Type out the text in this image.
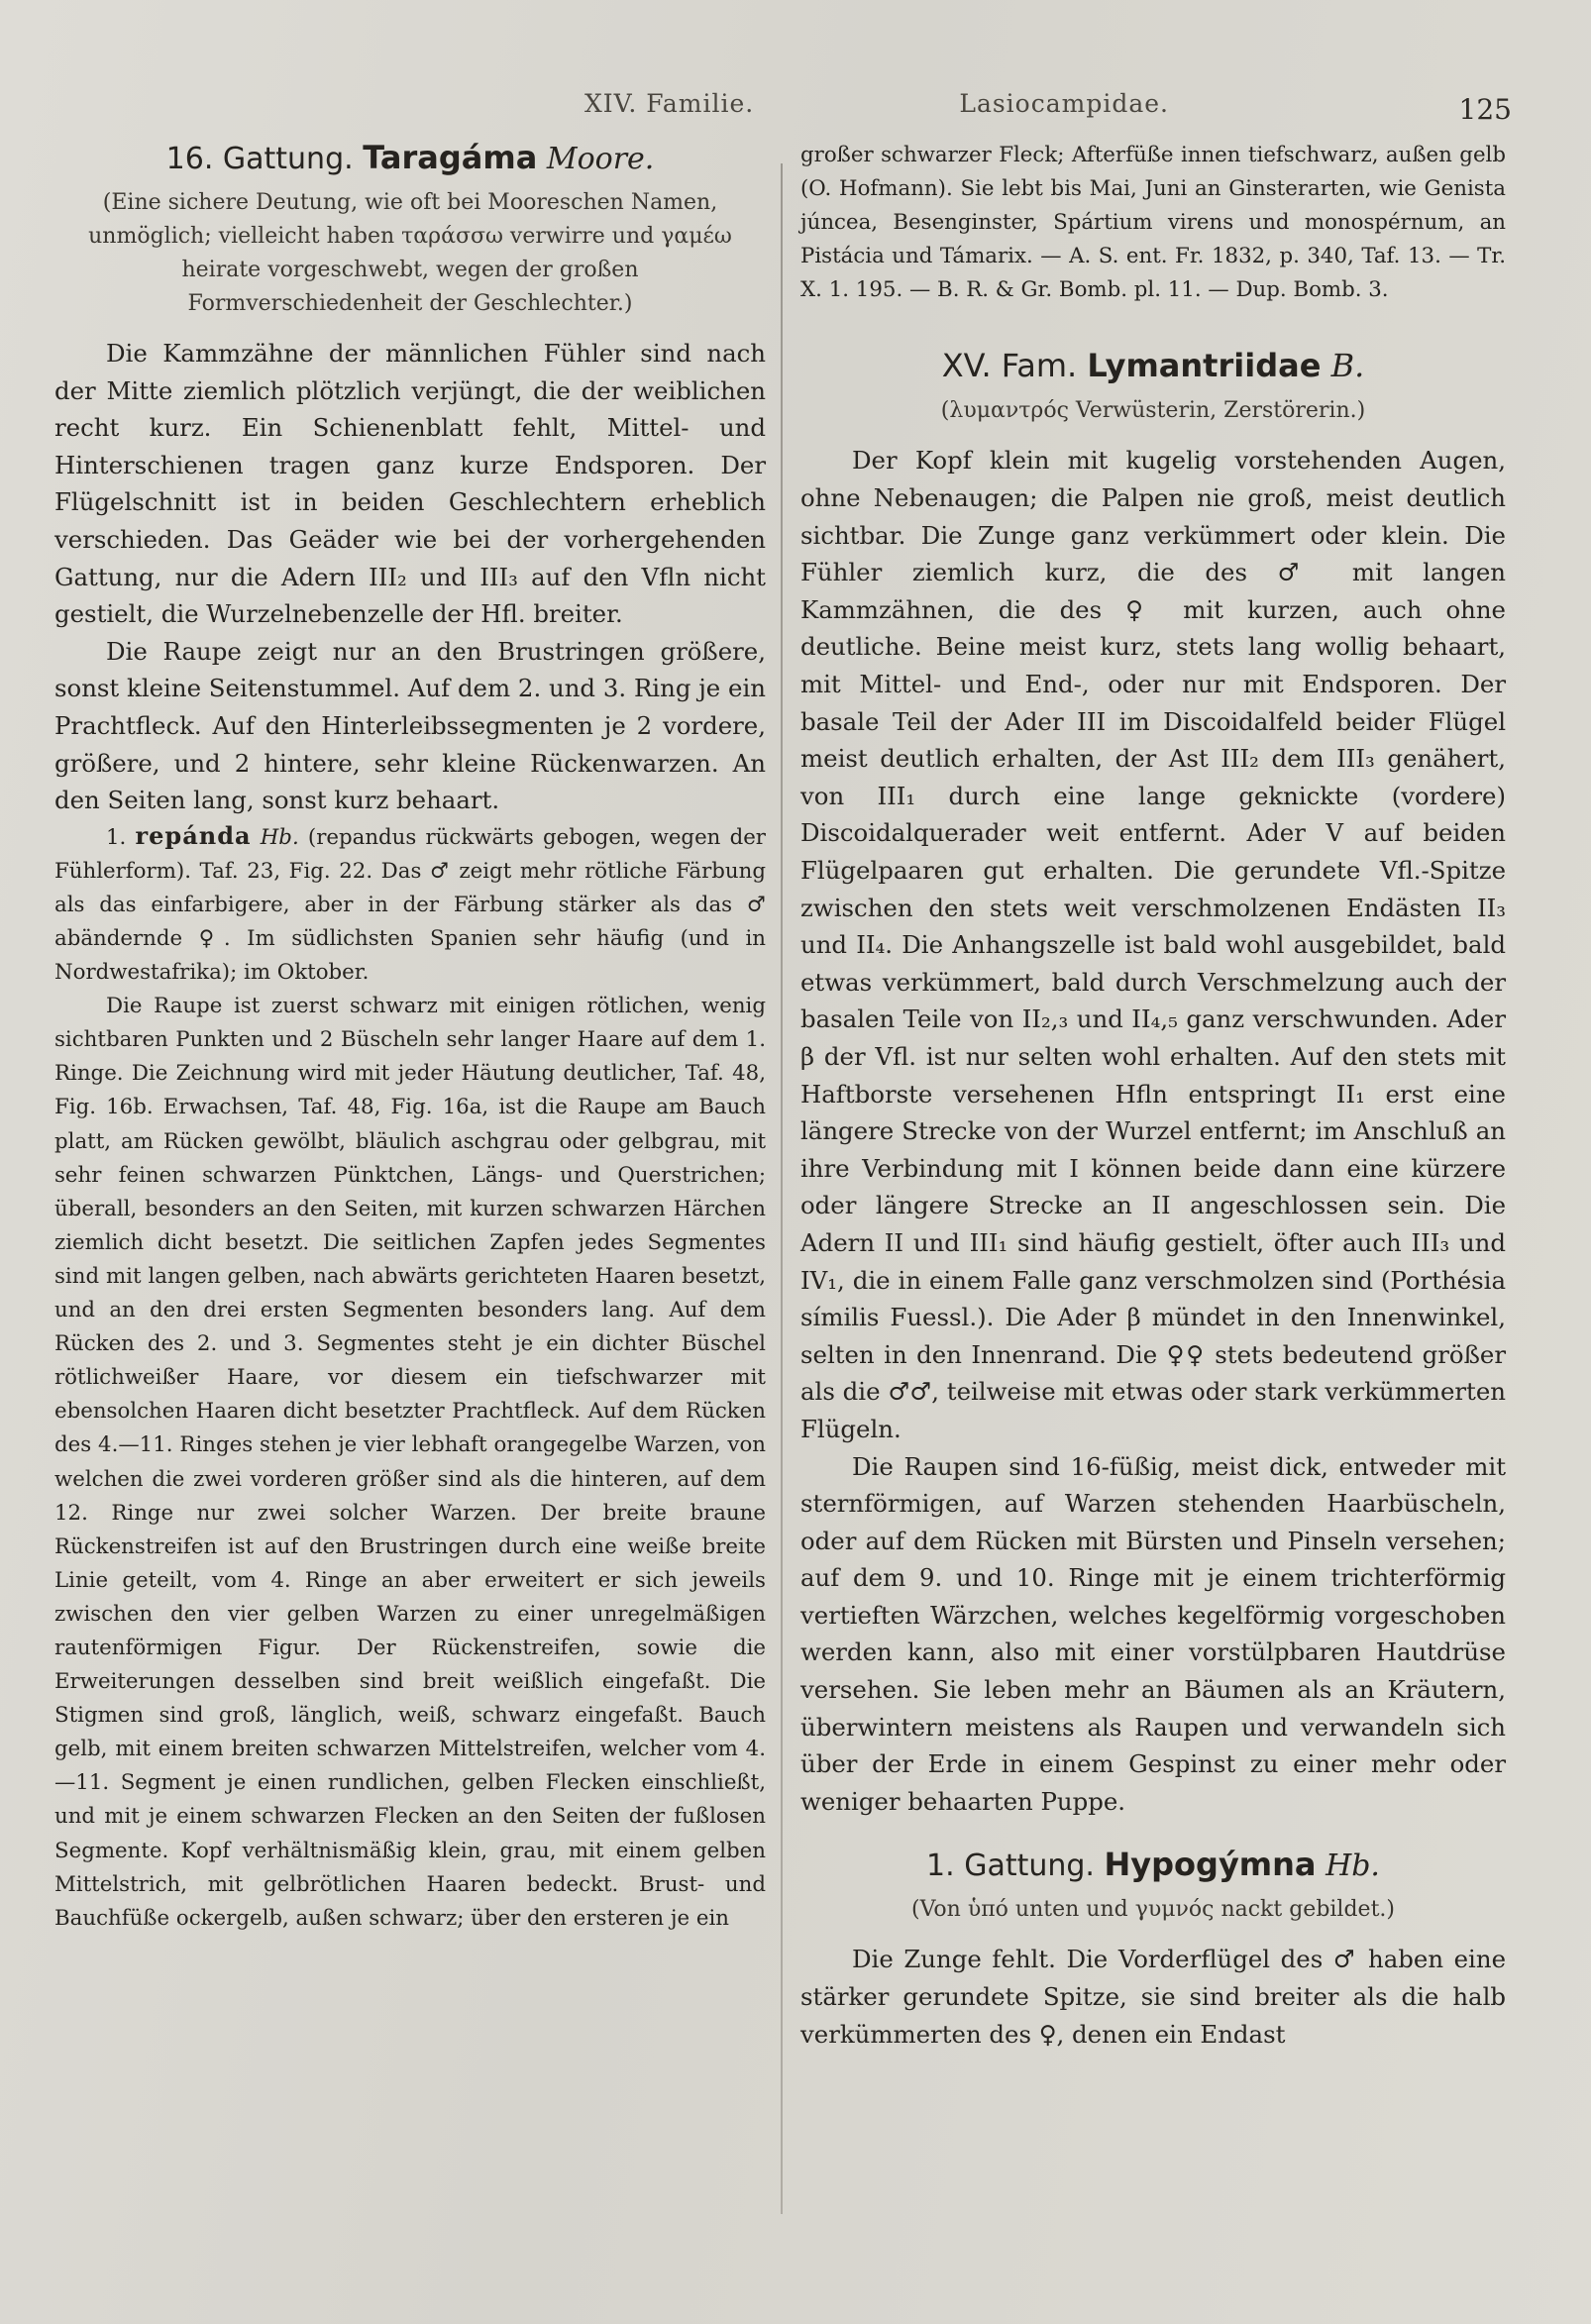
XIV. Familie.	Lasiocampidae.	125
16. Gattung. Taragáma Moore.

(Eine sichere Deutung, wie oft bei Mooreschen Namen, unmöglich; vielleicht haben ταράσσω verwirre und γαμέω heirate vorgeschwebt, wegen der großen Formverschiedenheit der Geschlechter.)

Die Kammzähne der männlichen Fühler sind nach der Mitte ziemlich plötzlich verjüngt, die der weiblichen recht kurz. Ein Schienenblatt fehlt, Mittel- und Hinterschienen tragen ganz kurze Endsporen. Der Flügelschnitt ist in beiden Geschlechtern erheblich verschieden. Das Geäder wie bei der vorhergehenden Gattung, nur die Adern III₂ und III₃ auf den Vfln nicht gestielt, die Wurzelnebenzelle der Hfl. breiter.

Die Raupe zeigt nur an den Brustringen größere, sonst kleine Seitenstummel. Auf dem 2. und 3. Ring je ein Prachtfleck. Auf den Hinterleibssegmenten je 2 vordere, größere, und 2 hintere, sehr kleine Rückenwarzen. An den Seiten lang, sonst kurz behaart.

1. repánda Hb. (repandus rückwärts gebogen, wegen der Fühlerform). Taf. 23, Fig. 22. Das ♂ zeigt mehr rötliche Färbung als das einfarbigere, aber in der Färbung stärker als das ♂ abändernde ♀. Im südlichsten Spanien sehr häufig (und in Nordwestafrika); im Oktober.

Die Raupe ist zuerst schwarz mit einigen rötlichen, wenig sichtbaren Punkten und 2 Büscheln sehr langer Haare auf dem 1. Ringe. Die Zeichnung wird mit jeder Häutung deutlicher, Taf. 48, Fig. 16b. Erwachsen, Taf. 48, Fig. 16a, ist die Raupe am Bauch platt, am Rücken gewölbt, bläulich aschgrau oder gelbgrau, mit sehr feinen schwarzen Pünktchen, Längs- und Querstrichen; überall, besonders an den Seiten, mit kurzen schwarzen Härchen ziemlich dicht besetzt. Die seitlichen Zapfen jedes Segmentes sind mit langen gelben, nach abwärts gerichteten Haaren besetzt, und an den drei ersten Segmenten besonders lang. Auf dem Rücken des 2. und 3. Segmentes steht je ein dichter Büschel rötlichweißer Haare, vor diesem ein tiefschwarzer mit ebensolchen Haaren dicht besetzter Prachtfleck. Auf dem Rücken des 4.—11. Ringes stehen je vier lebhaft orangegelbe Warzen, von welchen die zwei vorderen größer sind als die hinteren, auf dem 12. Ringe nur zwei solcher Warzen. Der breite braune Rückenstreifen ist auf den Brustringen durch eine weiße breite Linie geteilt, vom 4. Ringe an aber erweitert er sich jeweils zwischen den vier gelben Warzen zu einer unregelmäßigen rautenförmigen Figur. Der Rückenstreifen, sowie die Erweiterungen desselben sind breit weißlich eingefaßt. Die Stigmen sind groß, länglich, weiß, schwarz eingefaßt. Bauch gelb, mit einem breiten schwarzen Mittelstreifen, welcher vom 4.—11. Segment je einen rundlichen, gelben Flecken einschließt, und mit je einem schwarzen Flecken an den Seiten der fußlosen Segmente. Kopf verhältnismäßig klein, grau, mit einem gelben Mittelstrich, mit gelbrötlichen Haaren bedeckt. Brust- und Bauchfüße ockergelb, außen schwarz; über den ersteren je ein

großer schwarzer Fleck; Afterfüße innen tiefschwarz, außen gelb (O. Hofmann). Sie lebt bis Mai, Juni an Ginsterarten, wie Genista júncea, Besenginster, Spártium virens und monospérnum, an Pistácia und Támarix. — A. S. ent. Fr. 1832, p. 340, Taf. 13. — Tr. X. 1. 195. — B. R. & Gr. Bomb. pl. 11. — Dup. Bomb. 3.

XV. Fam. Lymantriidae B.

(λυμαντρός Verwüsterin, Zerstörerin.)

Der Kopf klein mit kugelig vorstehenden Augen, ohne Nebenaugen; die Palpen nie groß, meist deutlich sichtbar. Die Zunge ganz verkümmert oder klein. Die Fühler ziemlich kurz, die des ♂ mit langen Kammzähnen, die des ♀ mit kurzen, auch ohne deutliche. Beine meist kurz, stets lang wollig behaart, mit Mittel- und End-, oder nur mit Endsporen. Der basale Teil der Ader III im Discoidalfeld beider Flügel meist deutlich erhalten, der Ast III₂ dem III₃ genähert, von III₁ durch eine lange geknickte (vordere) Discoidalquerader weit entfernt. Ader V auf beiden Flügelpaaren gut erhalten. Die gerundete Vfl.-Spitze zwischen den stets weit verschmolzenen Endästen II₃ und II₄. Die Anhangszelle ist bald wohl ausgebildet, bald etwas verkümmert, bald durch Verschmelzung auch der basalen Teile von II₂,₃ und II₄,₅ ganz verschwunden. Ader β der Vfl. ist nur selten wohl erhalten. Auf den stets mit Haftborste versehenen Hfln entspringt II₁ erst eine längere Strecke von der Wurzel entfernt; im Anschluß an ihre Verbindung mit I können beide dann eine kürzere oder längere Strecke an II angeschlossen sein. Die Adern II und III₁ sind häufig gestielt, öfter auch III₃ und IV₁, die in einem Falle ganz verschmolzen sind (Porthésia símilis Fuessl.). Die Ader β mündet in den Innenwinkel, selten in den Innenrand. Die ♀♀ stets bedeutend größer als die ♂♂, teilweise mit etwas oder stark verkümmerten Flügeln.

Die Raupen sind 16-füßig, meist dick, entweder mit sternförmigen, auf Warzen stehenden Haarbüscheln, oder auf dem Rücken mit Bürsten und Pinseln versehen; auf dem 9. und 10. Ringe mit je einem trichterförmig vertieften Wärzchen, welches kegelförmig vorgeschoben werden kann, also mit einer vorstülpbaren Hautdrüse versehen. Sie leben mehr an Bäumen als an Kräutern, überwintern meistens als Raupen und verwandeln sich über der Erde in einem Gespinst zu einer mehr oder weniger behaarten Puppe.

1. Gattung. Hypogýmna Hb.

(Von ὑπό unten und γυμνός nackt gebildet.)

Die Zunge fehlt. Die Vorderflügel des ♂ haben eine stärker gerundete Spitze, sie sind breiter als die halb verkümmerten des ♀, denen ein Endast
